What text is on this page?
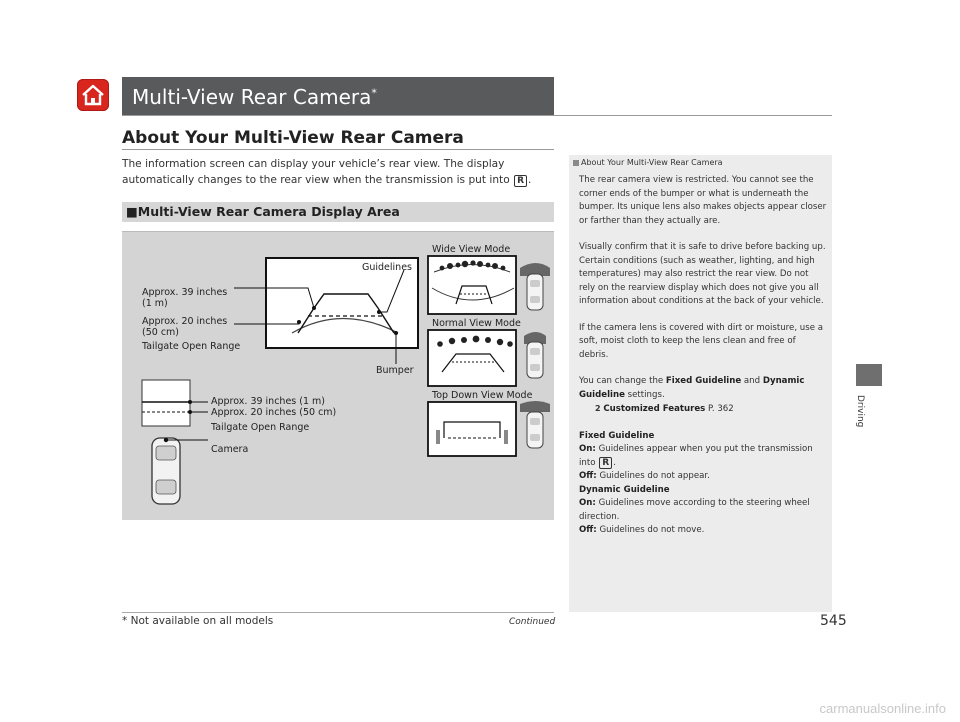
Multi-View Rear Camera*
About Your Multi-View Rear Camera
The information screen can display your vehicle’s rear view. The display automatically changes to the rear view when the transmission is put into R .
■Multi-View Rear Camera Display Area
Guidelines
Approx. 39 inches
(1 m)
Approx. 20 inches
(50 cm)
Tailgate Open Range
Bumper
Approx. 39 inches (1 m)
Approx. 20 inches (50 cm)
Tailgate Open Range
Camera
Wide View Mode
Normal View Mode
Top Down View Mode
About Your Multi-View Rear Camera

The rear camera view is restricted. You cannot see the corner ends of the bumper or what is underneath the bumper. Its unique lens also makes objects appear closer or farther than they actually are.

Visually confirm that it is safe to drive before backing up. Certain conditions (such as weather, lighting, and high temperatures) may also restrict the rear view. Do not rely on the rearview display which does not give you all information about conditions at the back of your vehicle.

If the camera lens is covered with dirt or moisture, use a soft, moist cloth to keep the lens clean and free of debris.

You can change the Fixed Guideline and Dynamic Guideline settings.

2 Customized Features P. 362

Fixed Guideline

On: Guidelines appear when you put the transmission into R .

Off: Guidelines do not appear.

Dynamic Guideline

On: Guidelines move according to the steering wheel direction.

Off: Guidelines do not move.

Driving
* Not available on all models	Continued	545
carmanualsonline.info
